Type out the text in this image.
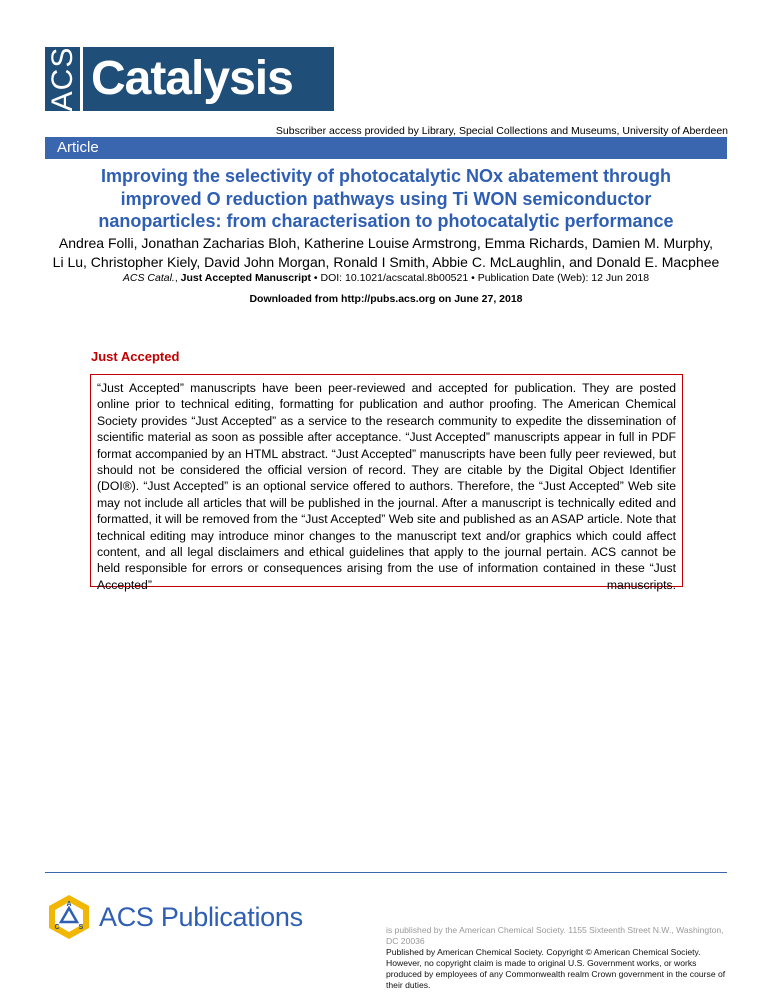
ACS Catalysis
Subscriber access provided by Library, Special Collections and Museums, University of Aberdeen
Article
Improving the selectivity of photocatalytic NOx abatement through
improved O reduction pathways using Ti WON semiconductor
nanoparticles: from characterisation to photocatalytic performance
Andrea Folli, Jonathan Zacharias Bloh, Katherine Louise Armstrong, Emma Richards, Damien M. Murphy,
Li Lu, Christopher Kiely, David John Morgan, Ronald I Smith, Abbie C. McLaughlin, and Donald E. Macphee
ACS Catal., Just Accepted Manuscript • DOI: 10.1021/acscatal.8b00521 • Publication Date (Web): 12 Jun 2018
Downloaded from http://pubs.acs.org on June 27, 2018
Just Accepted
“Just Accepted” manuscripts have been peer-reviewed and accepted for publication. They are posted online prior to technical editing, formatting for publication and author proofing. The American Chemical Society provides “Just Accepted” as a service to the research community to expedite the dissemination of scientific material as soon as possible after acceptance. “Just Accepted” manuscripts appear in full in PDF format accompanied by an HTML abstract. “Just Accepted” manuscripts have been fully peer reviewed, but should not be considered the official version of record. They are citable by the Digital Object Identifier (DOI®). “Just Accepted” is an optional service offered to authors. Therefore, the “Just Accepted” Web site may not include all articles that will be published in the journal. After a manuscript is technically edited and formatted, it will be removed from the “Just Accepted” Web site and published as an ASAP article. Note that technical editing may introduce minor changes to the manuscript text and/or graphics which could affect content, and all legal disclaimers and ethical guidelines that apply to the journal pertain. ACS cannot be held responsible for errors or consequences arising from the use of information contained in these “Just Accepted” manuscripts.
A
C	S ACS Publications	is published by the American Chemical Society. 1155 Sixteenth Street N.W., Washington, DC 20036
Published by American Chemical Society. Copyright © American Chemical Society. However, no copyright claim is made to original U.S. Government works, or works produced by employees of any Commonwealth realm Crown government in the course of their duties.
